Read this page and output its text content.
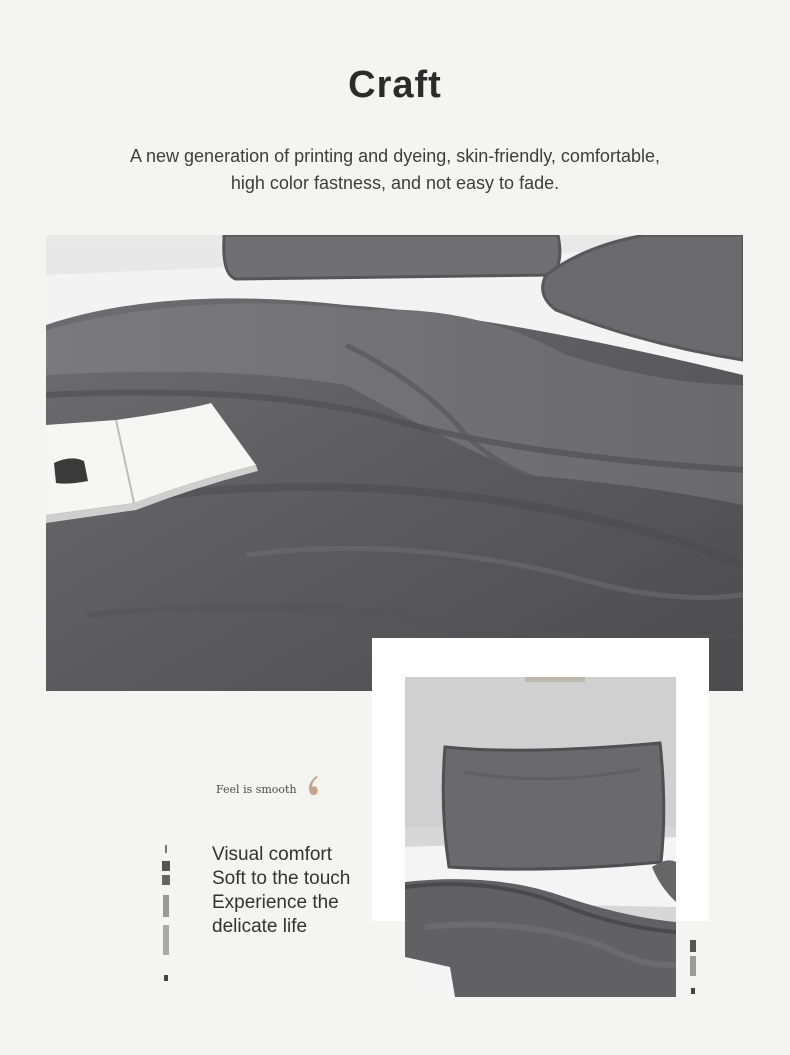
Craft
A new generation of printing and dyeing, skin-friendly, comfortable,
high color fastness, and not easy to fade.
Feel is smooth
Visual comfort
Soft to the touch
Experience the
delicate life
